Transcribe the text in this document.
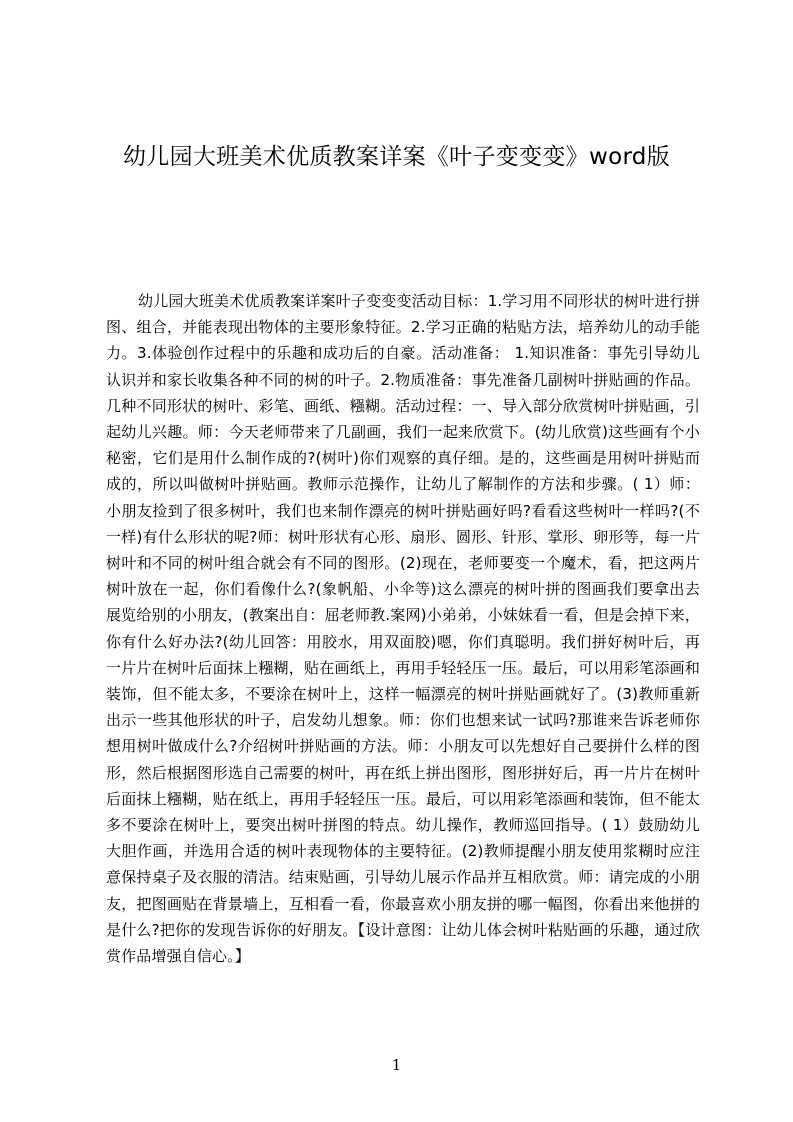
幼儿园大班美术优质教案详案《叶子变变变》word版

幼儿园大班美术优质教案详案叶子变变变活动目标：1.学习用不同形状的树叶进行拼图、组合，并能表现出物体的主要形象特征。2.学习正确的粘贴方法，培养幼儿的动手能力。3.体验创作过程中的乐趣和成功后的自豪。活动准备： 1.知识准备：事先引导幼儿认识并和家长收集各种不同的树的叶子。2.物质准备：事先准备几副树叶拼贴画的作品。几种不同形状的树叶、彩笔、画纸、糨糊。活动过程：一、导入部分欣赏树叶拼贴画，引起幼儿兴趣。师：今天老师带来了几副画，我们一起来欣赏下。(幼儿欣赏)这些画有个小秘密，它们是用什么制作成的?(树叶)你们观察的真仔细。是的，这些画是用树叶拼贴而成的，所以叫做树叶拼贴画。教师示范操作，让幼儿了解制作的方法和步骤。( 1）师：小朋友捡到了很多树叶，我们也来制作漂亮的树叶拼贴画好吗?看看这些树叶一样吗?(不一样)有什么形状的呢?师：树叶形状有心形、扇形、圆形、针形、掌形、卵形等，每一片树叶和不同的树叶组合就会有不同的图形。(2)现在，老师要变一个魔术，看，把这两片树叶放在一起，你们看像什么?(象帆船、小伞等)这么漂亮的树叶拼的图画我们要拿出去展览给别的小朋友，(教案出自：屈老师教.案网)小弟弟，小妹妹看一看，但是会掉下来，你有什么好办法?(幼儿回答：用胶水，用双面胶)嗯，你们真聪明。我们拼好树叶后，再一片片在树叶后面抹上糨糊，贴在画纸上，再用手轻轻压一压。最后，可以用彩笔添画和装饰，但不能太多，不要涂在树叶上，这样一幅漂亮的树叶拼贴画就好了。(3)教师重新出示一些其他形状的叶子，启发幼儿想象。师：你们也想来试一试吗?那谁来告诉老师你想用树叶做成什么?介绍树叶拼贴画的方法。师：小朋友可以先想好自己要拼什么样的图形，然后根据图形选自己需要的树叶，再在纸上拼出图形，图形拼好后，再一片片在树叶后面抹上糨糊，贴在纸上，再用手轻轻压一压。最后，可以用彩笔添画和装饰，但不能太多不要涂在树叶上，要突出树叶拼图的特点。幼儿操作，教师巡回指导。( 1）鼓励幼儿大胆作画，并选用合适的树叶表现物体的主要特征。(2)教师提醒小朋友使用浆糊时应注意保持桌子及衣服的清洁。结束贴画，引导幼儿展示作品并互相欣赏。师：请完成的小朋友，把图画贴在背景墙上，互相看一看，你最喜欢小朋友拼的哪一幅图，你看出来他拼的是什么?把你的发现告诉你的好朋友。【设计意图：让幼儿体会树叶粘贴画的乐趣，通过欣赏作品增强自信心。】

1
